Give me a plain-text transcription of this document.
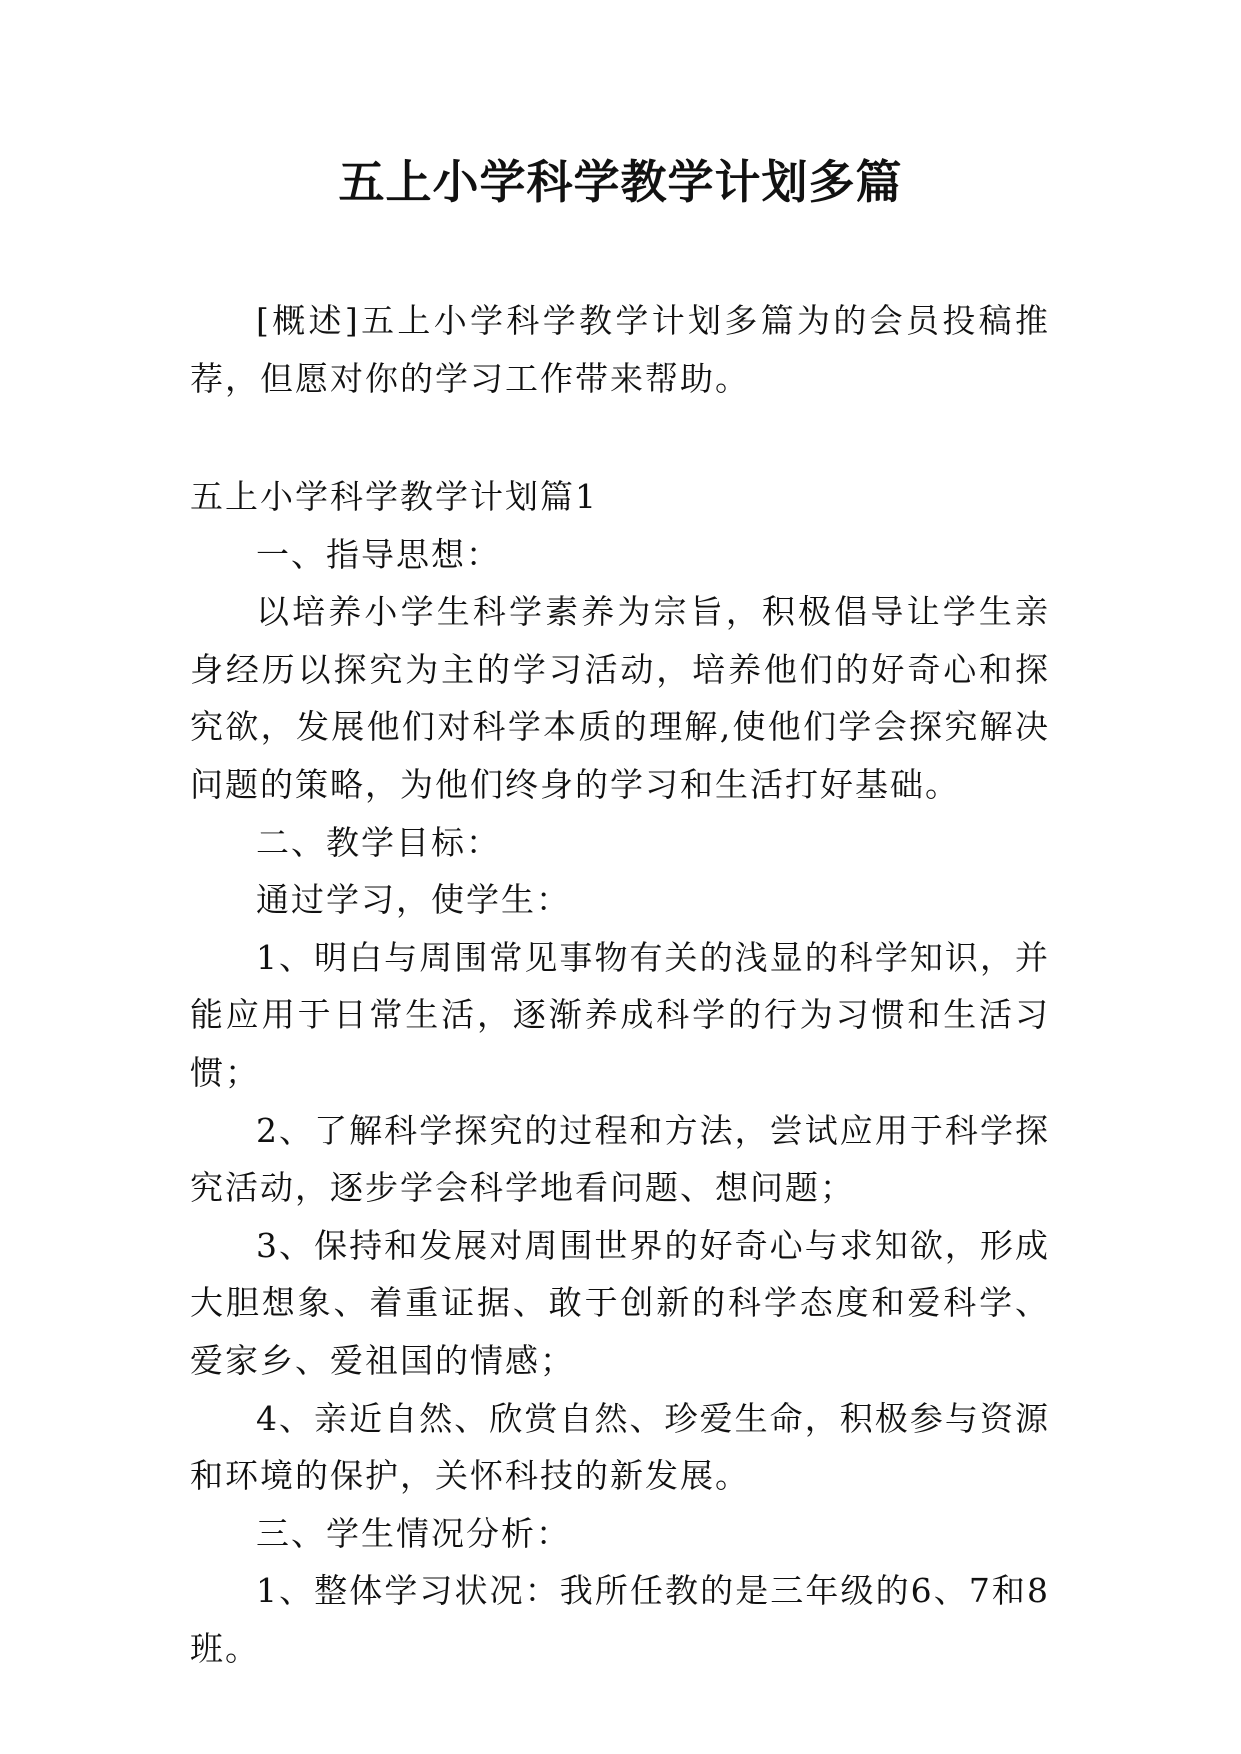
五上小学科学教学计划多篇
[概述]五上小学科学教学计划多篇为的会员投稿推荐，但愿对你的学习工作带来帮助。

五上小学科学教学计划篇1

一、指导思想：

以培养小学生科学素养为宗旨，积极倡导让学生亲身经历以探究为主的学习活动，培养他们的好奇心和探究欲，发展他们对科学本质的理解,使他们学会探究解决问题的策略，为他们终身的学习和生活打好基础。

二、教学目标：

通过学习，使学生：

1、明白与周围常见事物有关的浅显的科学知识，并能应用于日常生活，逐渐养成科学的行为习惯和生活习惯；

2、了解科学探究的过程和方法，尝试应用于科学探究活动，逐步学会科学地看问题、想问题；

3、保持和发展对周围世界的好奇心与求知欲，形成大胆想象、着重证据、敢于创新的科学态度和爱科学、爱家乡、爱祖国的情感；

4、亲近自然、欣赏自然、珍爱生命，积极参与资源和环境的保护，关怀科技的新发展。

三、学生情况分析：

1、整体学习状况：我所任教的是三年级的6、7和8班。
